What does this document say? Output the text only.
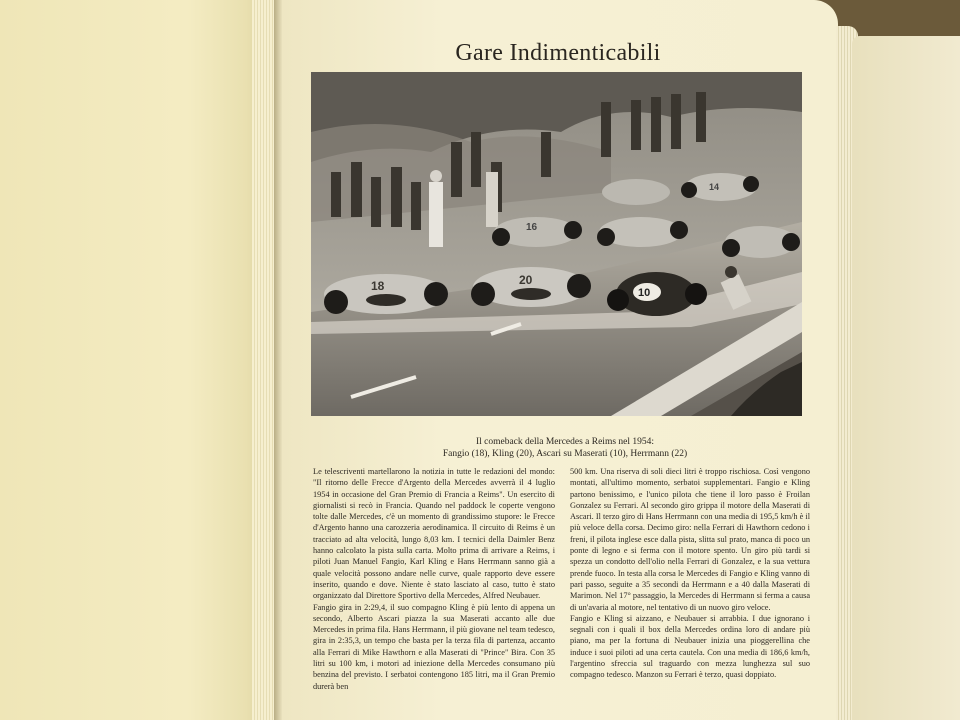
Gare Indimenticabili
18	20
10
16
14
Il comeback della Mercedes a Reims nel 1954:
Fangio (18), Kling (20), Ascari su Maserati (10), Herrmann (22)

Le telescriventi martellarono la notizia in tutte le redazioni del mondo: "Il ritorno delle Frecce d'Argento della Mercedes avverrà il 4 luglio 1954 in occasione del Gran Premio di Francia a Reims". Un esercito di giornalisti si recò in Francia. Quando nel paddock le coperte vengono tolte dalle Mercedes, c'è un momento di grandissimo stupore: le Frecce d'Argento hanno una carozzeria aerodinamica. Il circuito di Reims è un tracciato ad alta velocità, lungo 8,03 km. I tecnici della Daimler Benz hanno calcolato la pista sulla carta. Molto prima di arrivare a Reims, i piloti Juan Manuel Fangio, Karl Kling e Hans Herrmann sanno già a quale velocità possono andare nelle curve, quale rapporto deve essere inserito, quando e dove. Niente è stato lasciato al caso, tutto è stato organizzato dal Direttore Sportivo della Mercedes, Alfred Neubauer.

Fangio gira in 2:29,4, il suo compagno Kling è più lento di appena un secondo, Alberto Ascari piazza la sua Maserati accanto alle due Mercedes in prima fila. Hans Herrmann, il più giovane nel team tedesco, gira in 2:35,3, un tempo che basta per la terza fila di partenza, accanto alla Ferrari di Mike Hawthorn e alla Maserati di "Prince" Bira. Con 35 litri su 100 km, i motori ad iniezione della Mercedes consumano più benzina del previsto. I serbatoi contengono 185 litri, ma il Gran Premio durerà ben

500 km. Una riserva di soli dieci litri è troppo rischiosa. Così vengono montati, all'ultimo momento, serbatoi supplementari. Fangio e Kling partono benissimo, e l'unico pilota che tiene il loro passo è Froilan Gonzalez su Ferrari. Al secondo giro grippa il motore della Maserati di Ascari. Il terzo giro di Hans Herrmann con una media di 195,5 km/h è il più veloce della corsa. Decimo giro: nella Ferrari di Hawthorn cedono i freni, il pilota inglese esce dalla pista, slitta sul prato, manca di poco un ponte di legno e si ferma con il motore spento. Un giro più tardi si spezza un condotto dell'olio nella Ferrari di Gonzalez, e la sua vettura prende fuoco. In testa alla corsa le Mercedes di Fangio e Kling vanno di pari passo, seguite a 35 secondi da Herrmann e a 40 dalla Maserati di Marimon. Nel 17° passaggio, la Mercedes di Herrmann si ferma a causa di un'avaria al motore, nel tentativo di un nuovo giro veloce.

Fangio e Kling si aizzano, e Neubauer si arrabbia. I due ignorano i segnali con i quali il box della Mercedes ordina loro di andare più piano, ma per la fortuna di Neubauer inizia una pioggerellina che induce i suoi piloti ad una certa cautela. Con una media di 186,6 km/h, l'argentino sfreccia sul traguardo con mezza lunghezza sul suo compagno tedesco. Manzon su Ferrari è terzo, quasi doppiato.
